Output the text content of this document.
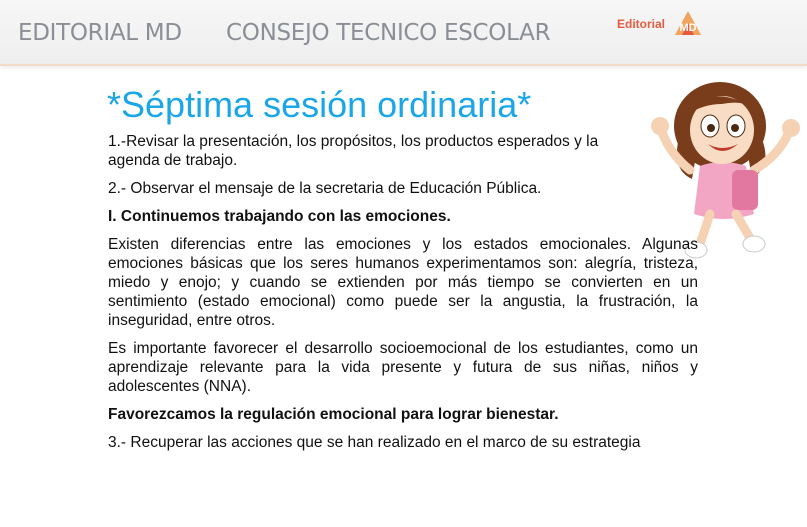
EDITORIAL MD CONSEJO TECNICO ESCOLAR	Editorial MD
*Séptima sesión ordinaria*

1.-Revisar la presentación, los propósitos, los productos esperados y la agenda de trabajo.

2.- Observar el mensaje de la secretaria de Educación Pública.

I. Continuemos trabajando con las emociones.

Existen diferencias entre las emociones y los estados emocionales. Algunas emociones básicas que los seres humanos experimentamos son: alegría, tristeza, miedo y enojo; y cuando se extienden por más tiempo se convierten en un sentimiento (estado emocional) como puede ser la angustia, la frustración, la inseguridad, entre otros.

Es importante favorecer el desarrollo socioemocional de los estudiantes, como un aprendizaje relevante para la vida presente y futura de sus niñas, niños y adolescentes (NNA).

Favorezcamos la regulación emocional para lograr bienestar.

3.- Recuperar las acciones que se han realizado en el marco de su estrategia
